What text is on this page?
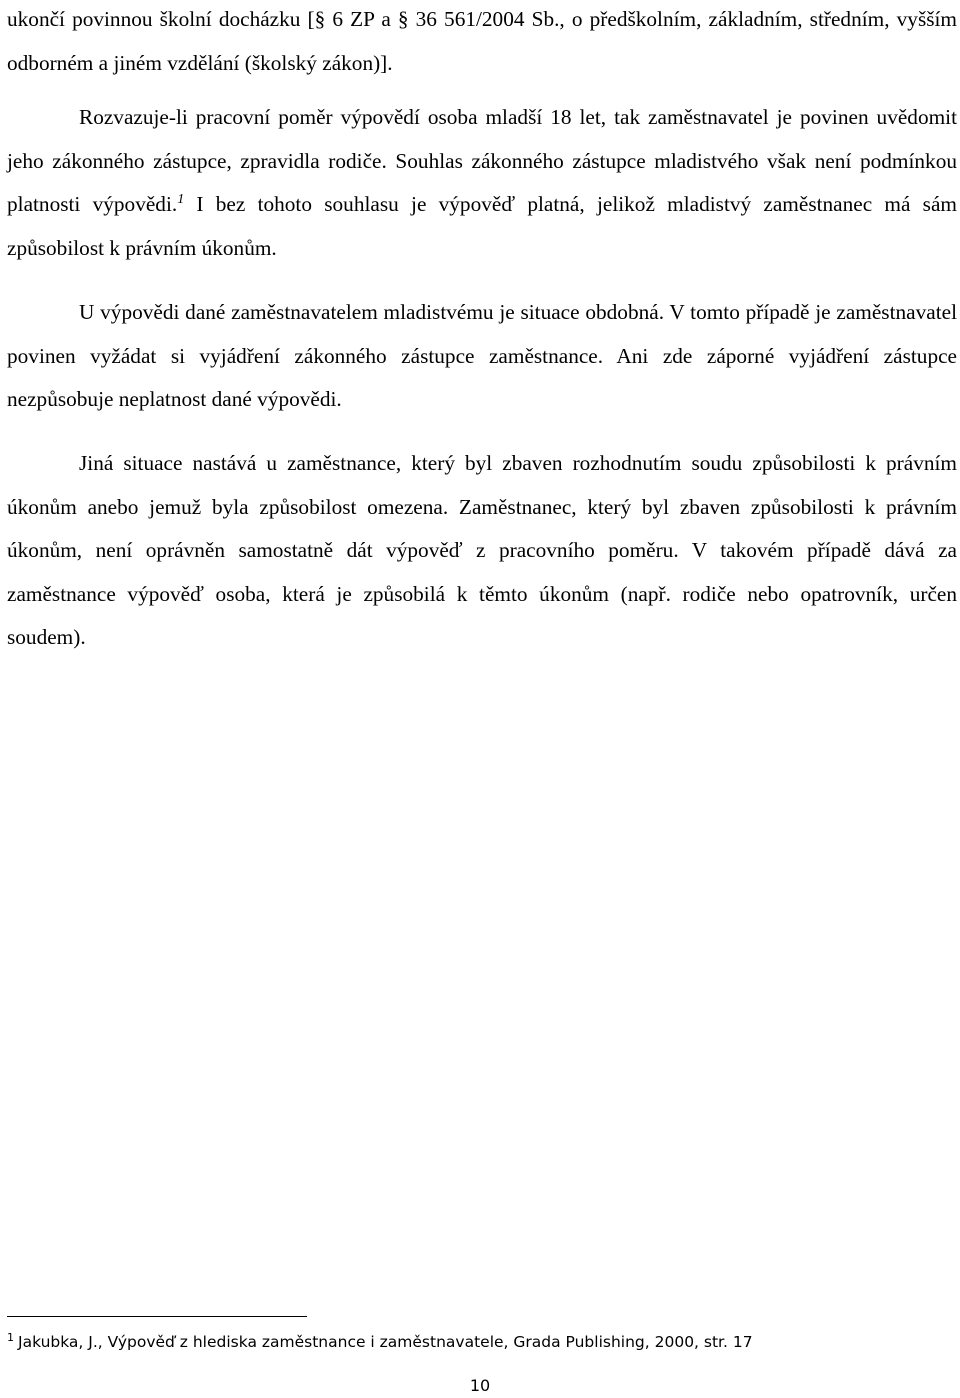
ukončí povinnou školní docházku [§ 6 ZP a § 36 561/2004 Sb., o předškolním, základním, středním, vyšším odborném a jiném vzdělání (školský zákon)].

Rozvazuje-li pracovní poměr výpovědí osoba mladší 18 let, tak zaměstnavatel je povinen uvědomit jeho zákonného zástupce, zpravidla rodiče. Souhlas zákonného zástupce mladistvého však není podmínkou platnosti výpovědi.$^1$ I bez tohoto souhlasu je výpověď platná, jelikož mladistvý zaměstnanec má sám způsobilost k právním úkonům.

U výpovědi dané zaměstnavatelem mladistvému je situace obdobná. V tomto případě je zaměstnavatel povinen vyžádat si vyjádření zákonného zástupce zaměstnance. Ani zde záporné vyjádření zástupce nezpůsobuje neplatnost dané výpovědi.

Jiná situace nastává u zaměstnance, který byl zbaven rozhodnutím soudu způsobilosti k právním úkonům anebo jemuž byla způsobilost omezena. Zaměstnanec, který byl zbaven způsobilosti k právním úkonům, není oprávněn samostatně dát výpověď z pracovního poměru. V takovém případě dává za zaměstnance výpověď osoba, která je způsobilá k těmto úkonům (např. rodiče nebo opatrovník, určen soudem).

$^1$ Jakubka, J., Výpověď z hlediska zaměstnance i zaměstnavatele, Grada Publishing, 2000, str. 17

10
